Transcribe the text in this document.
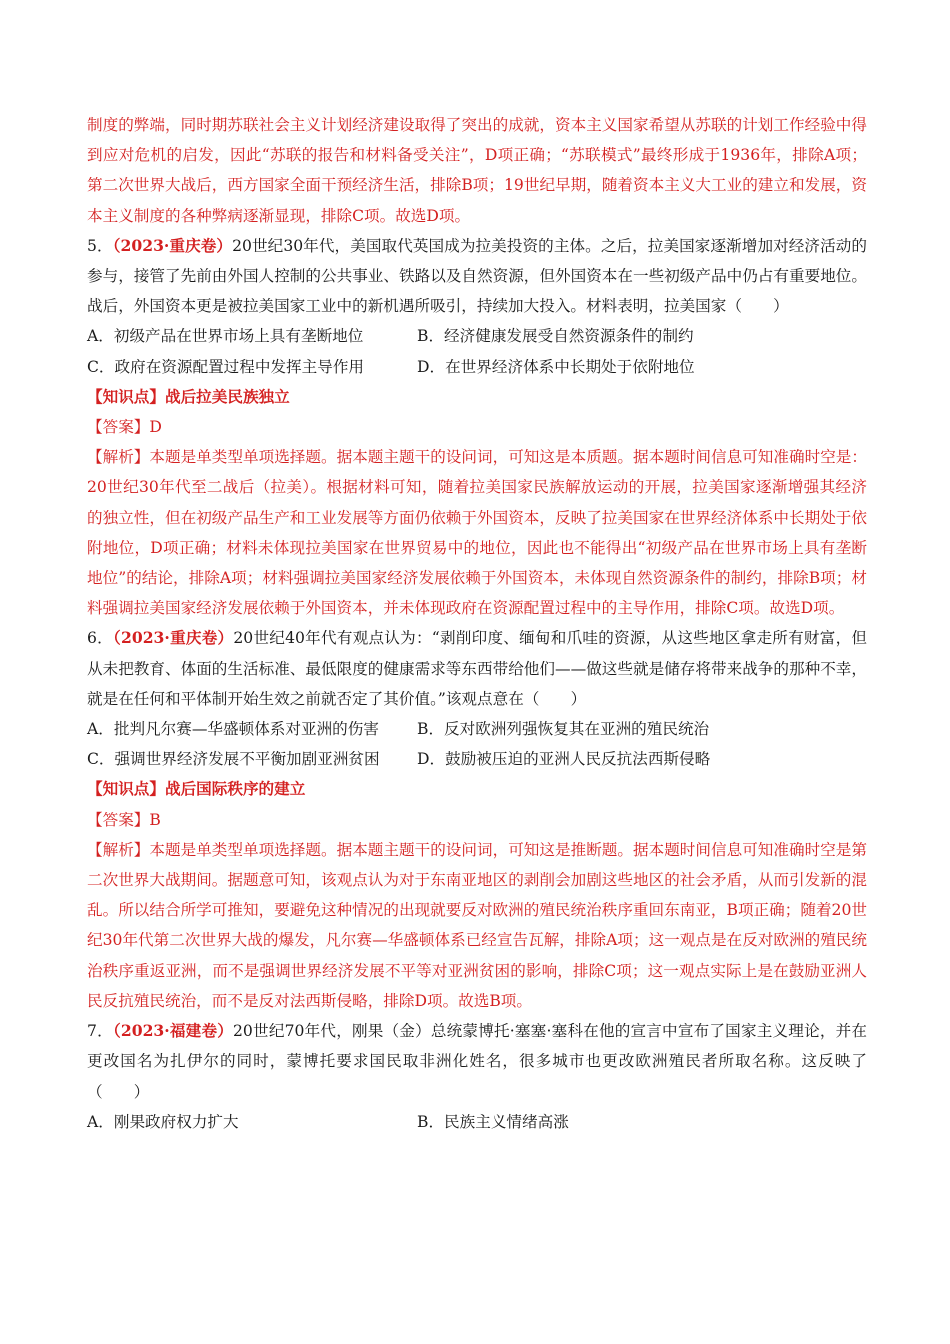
制度的弊端，同时期苏联社会主义计划经济建设取得了突出的成就，资本主义国家希望从苏联的计划工作经验中得到应对危机的启发，因此“苏联的报告和材料备受关注”，D项正确；“苏联模式”最终形成于1936年，排除A项；第二次世界大战后，西方国家全面干预经济生活，排除B项；19世纪早期，随着资本主义大工业的建立和发展，资本主义制度的各种弊病逐渐显现，排除C项。故选D项。

5．（2023·重庆卷）20世纪30年代，美国取代英国成为拉美投资的主体。之后，拉美国家逐渐增加对经济活动的参与，接管了先前由外国人控制的公共事业、铁路以及自然资源，但外国资本在一些初级产品中仍占有重要地位。战后，外国资本更是被拉美国家工业中的新机遇所吸引，持续加大投入。材料表明，拉美国家（　　）

A．初级产品在世界市场上具有垄断地位	B．经济健康发展受自然资源条件的制约
C．政府在资源配置过程中发挥主导作用	D．在世界经济体系中长期处于依附地位

【知识点】战后拉美民族独立

【答案】D

【解析】本题是单类型单项选择题。据本题主题干的设问词，可知这是本质题。据本题时间信息可知准确时空是：20世纪30年代至二战后（拉美）。根据材料可知，随着拉美国家民族解放运动的开展，拉美国家逐渐增强其经济的独立性，但在初级产品生产和工业发展等方面仍依赖于外国资本，反映了拉美国家在世界经济体系中长期处于依附地位，D项正确；材料未体现拉美国家在世界贸易中的地位，因此也不能得出“初级产品在世界市场上具有垄断地位”的结论，排除A项；材料强调拉美国家经济发展依赖于外国资本，未体现自然资源条件的制约，排除B项；材料强调拉美国家经济发展依赖于外国资本，并未体现政府在资源配置过程中的主导作用，排除C项。故选D项。

6．（2023·重庆卷）20世纪40年代有观点认为：“剥削印度、缅甸和爪哇的资源，从这些地区拿走所有财富，但从未把教育、体面的生活标准、最低限度的健康需求等东西带给他们——做这些就是储存将带来战争的那种不幸，就是在任何和平体制开始生效之前就否定了其价值。”该观点意在（　　）

A．批判凡尔赛—华盛顿体系对亚洲的伤害	B．反对欧洲列强恢复其在亚洲的殖民统治
C．强调世界经济发展不平衡加剧亚洲贫困	D．鼓励被压迫的亚洲人民反抗法西斯侵略

【知识点】战后国际秩序的建立

【答案】B

【解析】本题是单类型单项选择题。据本题主题干的设问词，可知这是推断题。据本题时间信息可知准确时空是第二次世界大战期间。据题意可知，该观点认为对于东南亚地区的剥削会加剧这些地区的社会矛盾，从而引发新的混乱。所以结合所学可推知，要避免这种情况的出现就要反对欧洲的殖民统治秩序重回东南亚，B项正确；随着20世纪30年代第二次世界大战的爆发，凡尔赛—华盛顿体系已经宣告瓦解，排除A项；这一观点是在反对欧洲的殖民统治秩序重返亚洲，而不是强调世界经济发展不平等对亚洲贫困的影响，排除C项；这一观点实际上是在鼓励亚洲人民反抗殖民统治，而不是反对法西斯侵略，排除D项。故选B项。

7．（2023·福建卷）20世纪70年代，刚果（金）总统蒙博托·塞塞·塞科在他的宣言中宣布了国家主义理论，并在更改国名为扎伊尔的同时，蒙博托要求国民取非洲化姓名，很多城市也更改欧洲殖民者所取名称。这反映了（　　）

A．刚果政府权力扩大	B．民族主义情绪高涨
